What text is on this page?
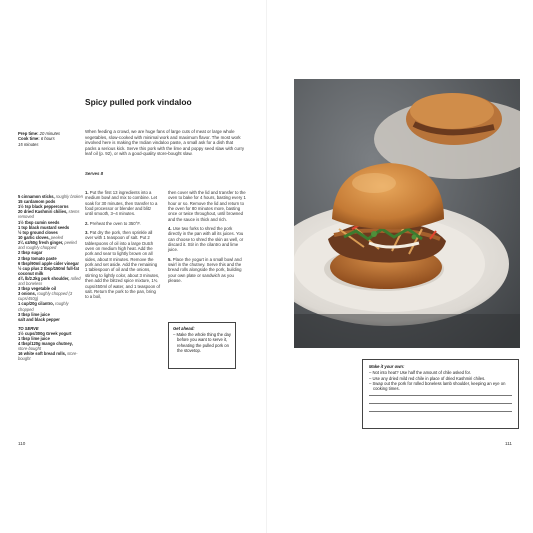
Spicy pulled pork vindaloo
Prep time: 20 minutes
Cook time: 6 hours
15 minutes
When feeding a crowd, we are huge fans of large cuts of meat or large whole vegetables, slow-cooked with minimal work and maximum flavor. The most work involved here is making the Indian vindaloo paste, a small ask for a dish that packs a serious kick. Serve this pork with the lime and poppy seed slaw with curry leaf oil (p. 92), or with a good-quality store-bought slaw.
Serves 8
5 cinnamon sticks, roughly broken
15 cardamom pods
1½ tsp black peppercorns
20 dried Kashmiri chilies, stems removed
1½ tbsp cumin seeds
1 tsp black mustard seeds
½ tsp ground cloves
10 garlic cloves, peeled
2¼ oz/60g fresh ginger, peeled and roughly chopped
2 tbsp sugar
2 tbsp tomato paste
6 tbsp/90ml apple cider vinegar
½ cup plus 2 tbsp/150ml full-fat coconut milk
4¾ lb/2.2kg pork shoulder, rolled and boneless
3 tbsp vegetable oil
3 onions, roughly chopped (3 cups/450g)
1 cup/20g cilantro, roughly chopped
3 tbsp lime juice
salt and black pepper
TO SERVE
1½ cups/300g Greek yogurt
1 tbsp lime juice
4 tbsp/120g mango chutney, store-bought
16 white soft bread rolls, store-bought
1. Put the first 13 ingredients into a medium bowl and mix to combine. Let soak for 30 minutes, then transfer to a food processor or blender and blitz until smooth, 3–4 minutes.
2. Preheat the oven to 350°F.
3. Pat dry the pork, then sprinkle all over with 1 teaspoon of salt. Put 2 tablespoons of oil into a large Dutch oven on medium high heat. Add the pork and sear to lightly brown on all sides, about 8 minutes. Remove the pork and set aside. Add the remaining 1 tablespoon of oil and the onions, stirring to lightly color, about 3 minutes, then add the blitzed spice mixture, 1¾ cups/450ml of water, and 1 teaspoon of salt. Return the pork to the pan, bring to a boil,
then cover with the lid and transfer to the oven to bake for 4 hours, basting every 1 hour or so. Remove the lid and return to the oven for 80 minutes more, basting once or twice throughout, until browned and the sauce is thick and rich.
4. Use two forks to shred the pork directly in the pan with all its juices. You can choose to shred the skin as well, or discard it. Stir in the cilantro and lime juice.
5. Place the yogurt in a small bowl and swirl in the chutney. Serve this and the bread rolls alongside the pork, building your own plate or sandwich as you please.
Get ahead:
– Make the whole thing the day before you want to serve it, reheating the pulled pork on the stovetop.
110
Make it your own:
– Not into heat? Use half the amount of chile asked for.
– Use any dried mild red chile in place of dried Kashmiri chiles.
– Swap out the pork for rolled boneless lamb shoulder, keeping an eye on cooking times.
111
